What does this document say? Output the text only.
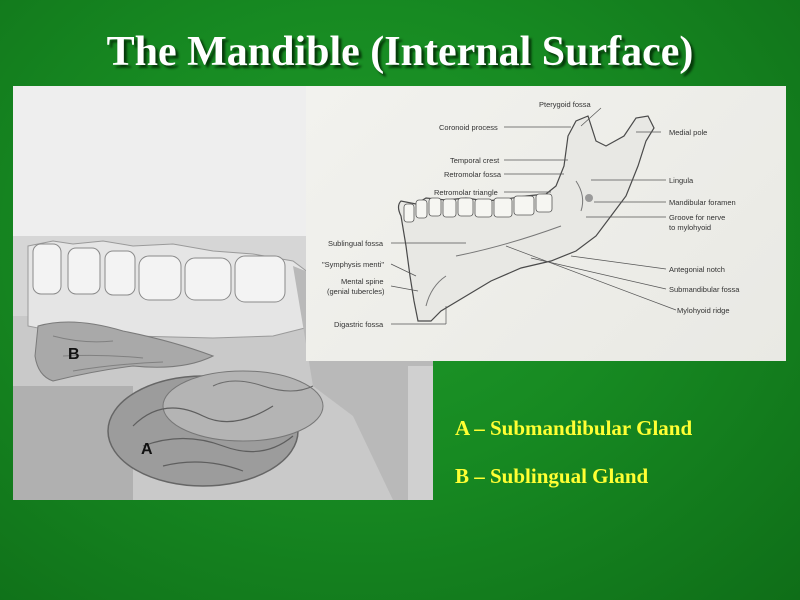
The Mandible (Internal Surface)
B
A
Pterygoid fossa
Coronoid process
Medial pole
Temporal crest
Retromolar fossa
Lingula
Retromolar triangle
Mandibular foramen
Groove for nerve
to mylohyoid
Sublingual fossa
"Symphysis menti"
Antegonial notch
Mental spine
(genial tubercles)	Submandibular fossa
Mylohyoid ridge
Digastric fossa
A – Submandibular Gland
B – Sublingual Gland
